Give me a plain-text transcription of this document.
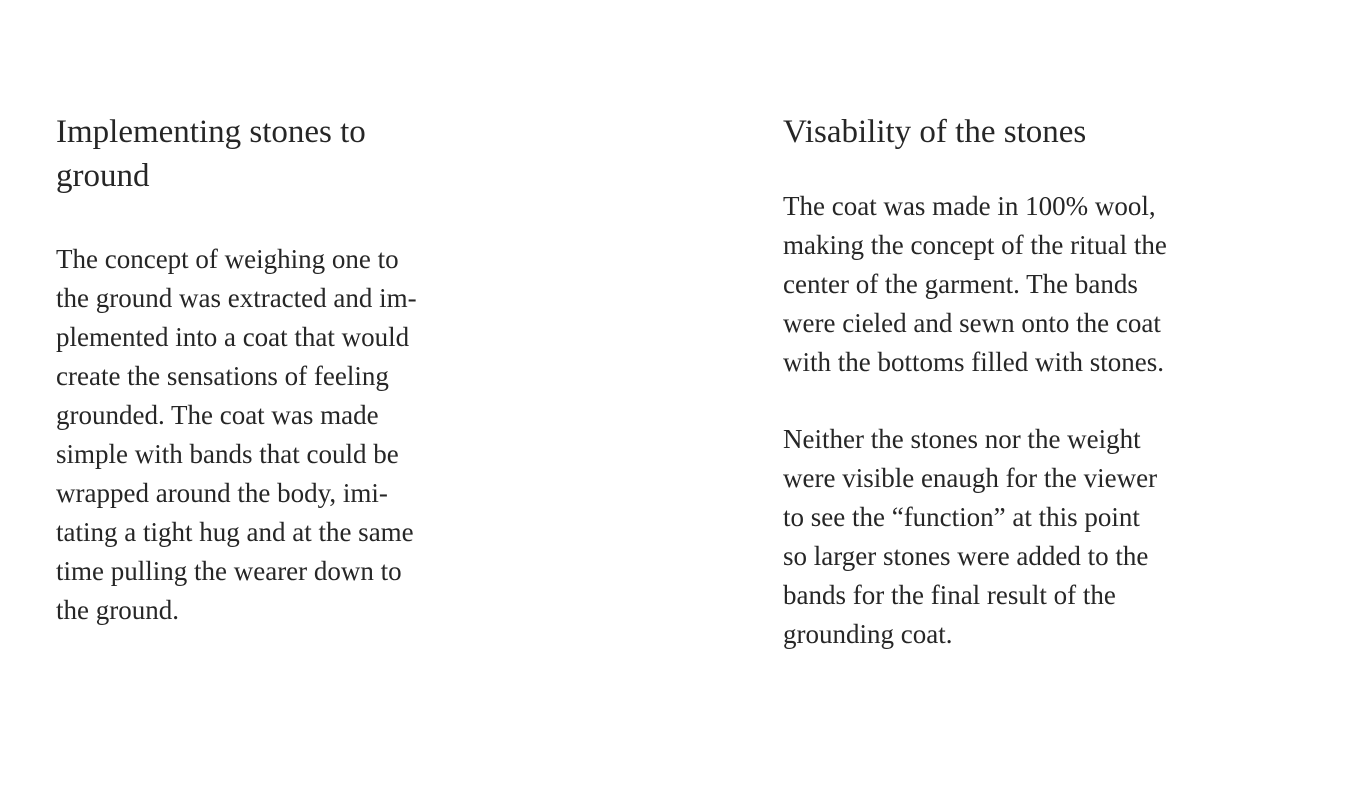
Implementing stones to
ground

The concept of weighing one to
the ground was extracted and im-
plemented into a coat that would
create the sensations of feeling
grounded. The coat was made
simple with bands that could be
wrapped around the body, imi-
tating a tight hug and at the same
time pulling the wearer down to
the ground.

Visability of the stones

The coat was made in 100% wool,
making the concept of the ritual the
center of the garment. The bands
were cieled and sewn onto the coat
with the bottoms filled with stones.

Neither the stones nor the weight
were visible enaugh for the viewer
to see the “function” at this point
so larger stones were added to the
bands for the final result of the
grounding coat.
